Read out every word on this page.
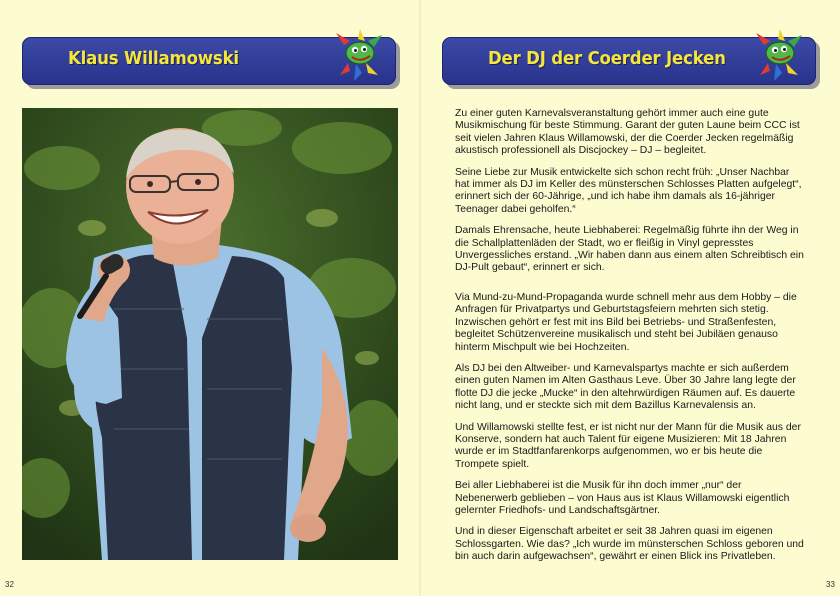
Klaus Willamowski
32
Der DJ der Coerder Jecken

Zu einer guten Karnevalsveranstaltung gehört immer auch eine gute Musikmischung für beste Stimmung. Garant der guten Laune beim CCC ist seit vielen Jahren Klaus Willamowski, der die Coerder Jecken regelmäßig akustisch professionell als Discjockey – DJ – begleitet.

Seine Liebe zur Musik entwickelte sich schon recht früh: „Unser Nachbar hat immer als DJ im Keller des münsterschen Schlosses Platten aufgelegt“, erinnert sich der 60-Jährige, „und ich habe ihm damals als 16-jähriger Teenager dabei geholfen.“

Damals Ehrensache, heute Liebhaberei: Regelmäßig führte ihn der Weg in die Schallplattenläden der Stadt, wo er fleißig in Vinyl gepresstes Unvergessliches erstand. „Wir haben dann aus einem alten Schreibtisch ein DJ-Pult gebaut“, erinnert er sich.

Via Mund-zu-Mund-Propaganda wurde schnell mehr aus dem Hobby – die Anfragen für Privatpartys und Geburtstagsfeiern mehrten sich stetig. Inzwischen gehört er fest mit ins Bild bei Betriebs- und Straßenfesten, begleitet Schützenvereine musikalisch und steht bei Jubiläen genauso hinterm Mischpult wie bei Hochzeiten.

Als DJ bei den Altweiber- und Karnevalspartys machte er sich außerdem einen guten Namen im Alten Gasthaus Leve. Über 30 Jahre lang legte der flotte DJ die jecke „Mucke“ in den altehrwürdigen Räumen auf. Es dauerte nicht lang, und er steckte sich mit dem Bazillus Karnevalensis an.

Und Willamowski stellte fest, er ist nicht nur der Mann für die Musik aus der Konserve, sondern hat auch Talent für eigene Musizieren: Mit 18 Jahren wurde er im Stadtfanfarenkorps aufgenommen, wo er bis heute die Trompete spielt.

Bei aller Liebhaberei ist die Musik für ihn doch immer „nur“ der Nebenerwerb geblieben – von Haus aus ist Klaus Willamowski eigentlich gelernter Friedhofs- und Landschaftsgärtner.

Und in dieser Eigenschaft arbeitet er seit 38 Jahren quasi im eigenen Schlossgarten. Wie das? „Ich wurde im münsterschen Schloss geboren und bin auch darin aufgewachsen“, gewährt er einen Blick ins Privatleben.

33
